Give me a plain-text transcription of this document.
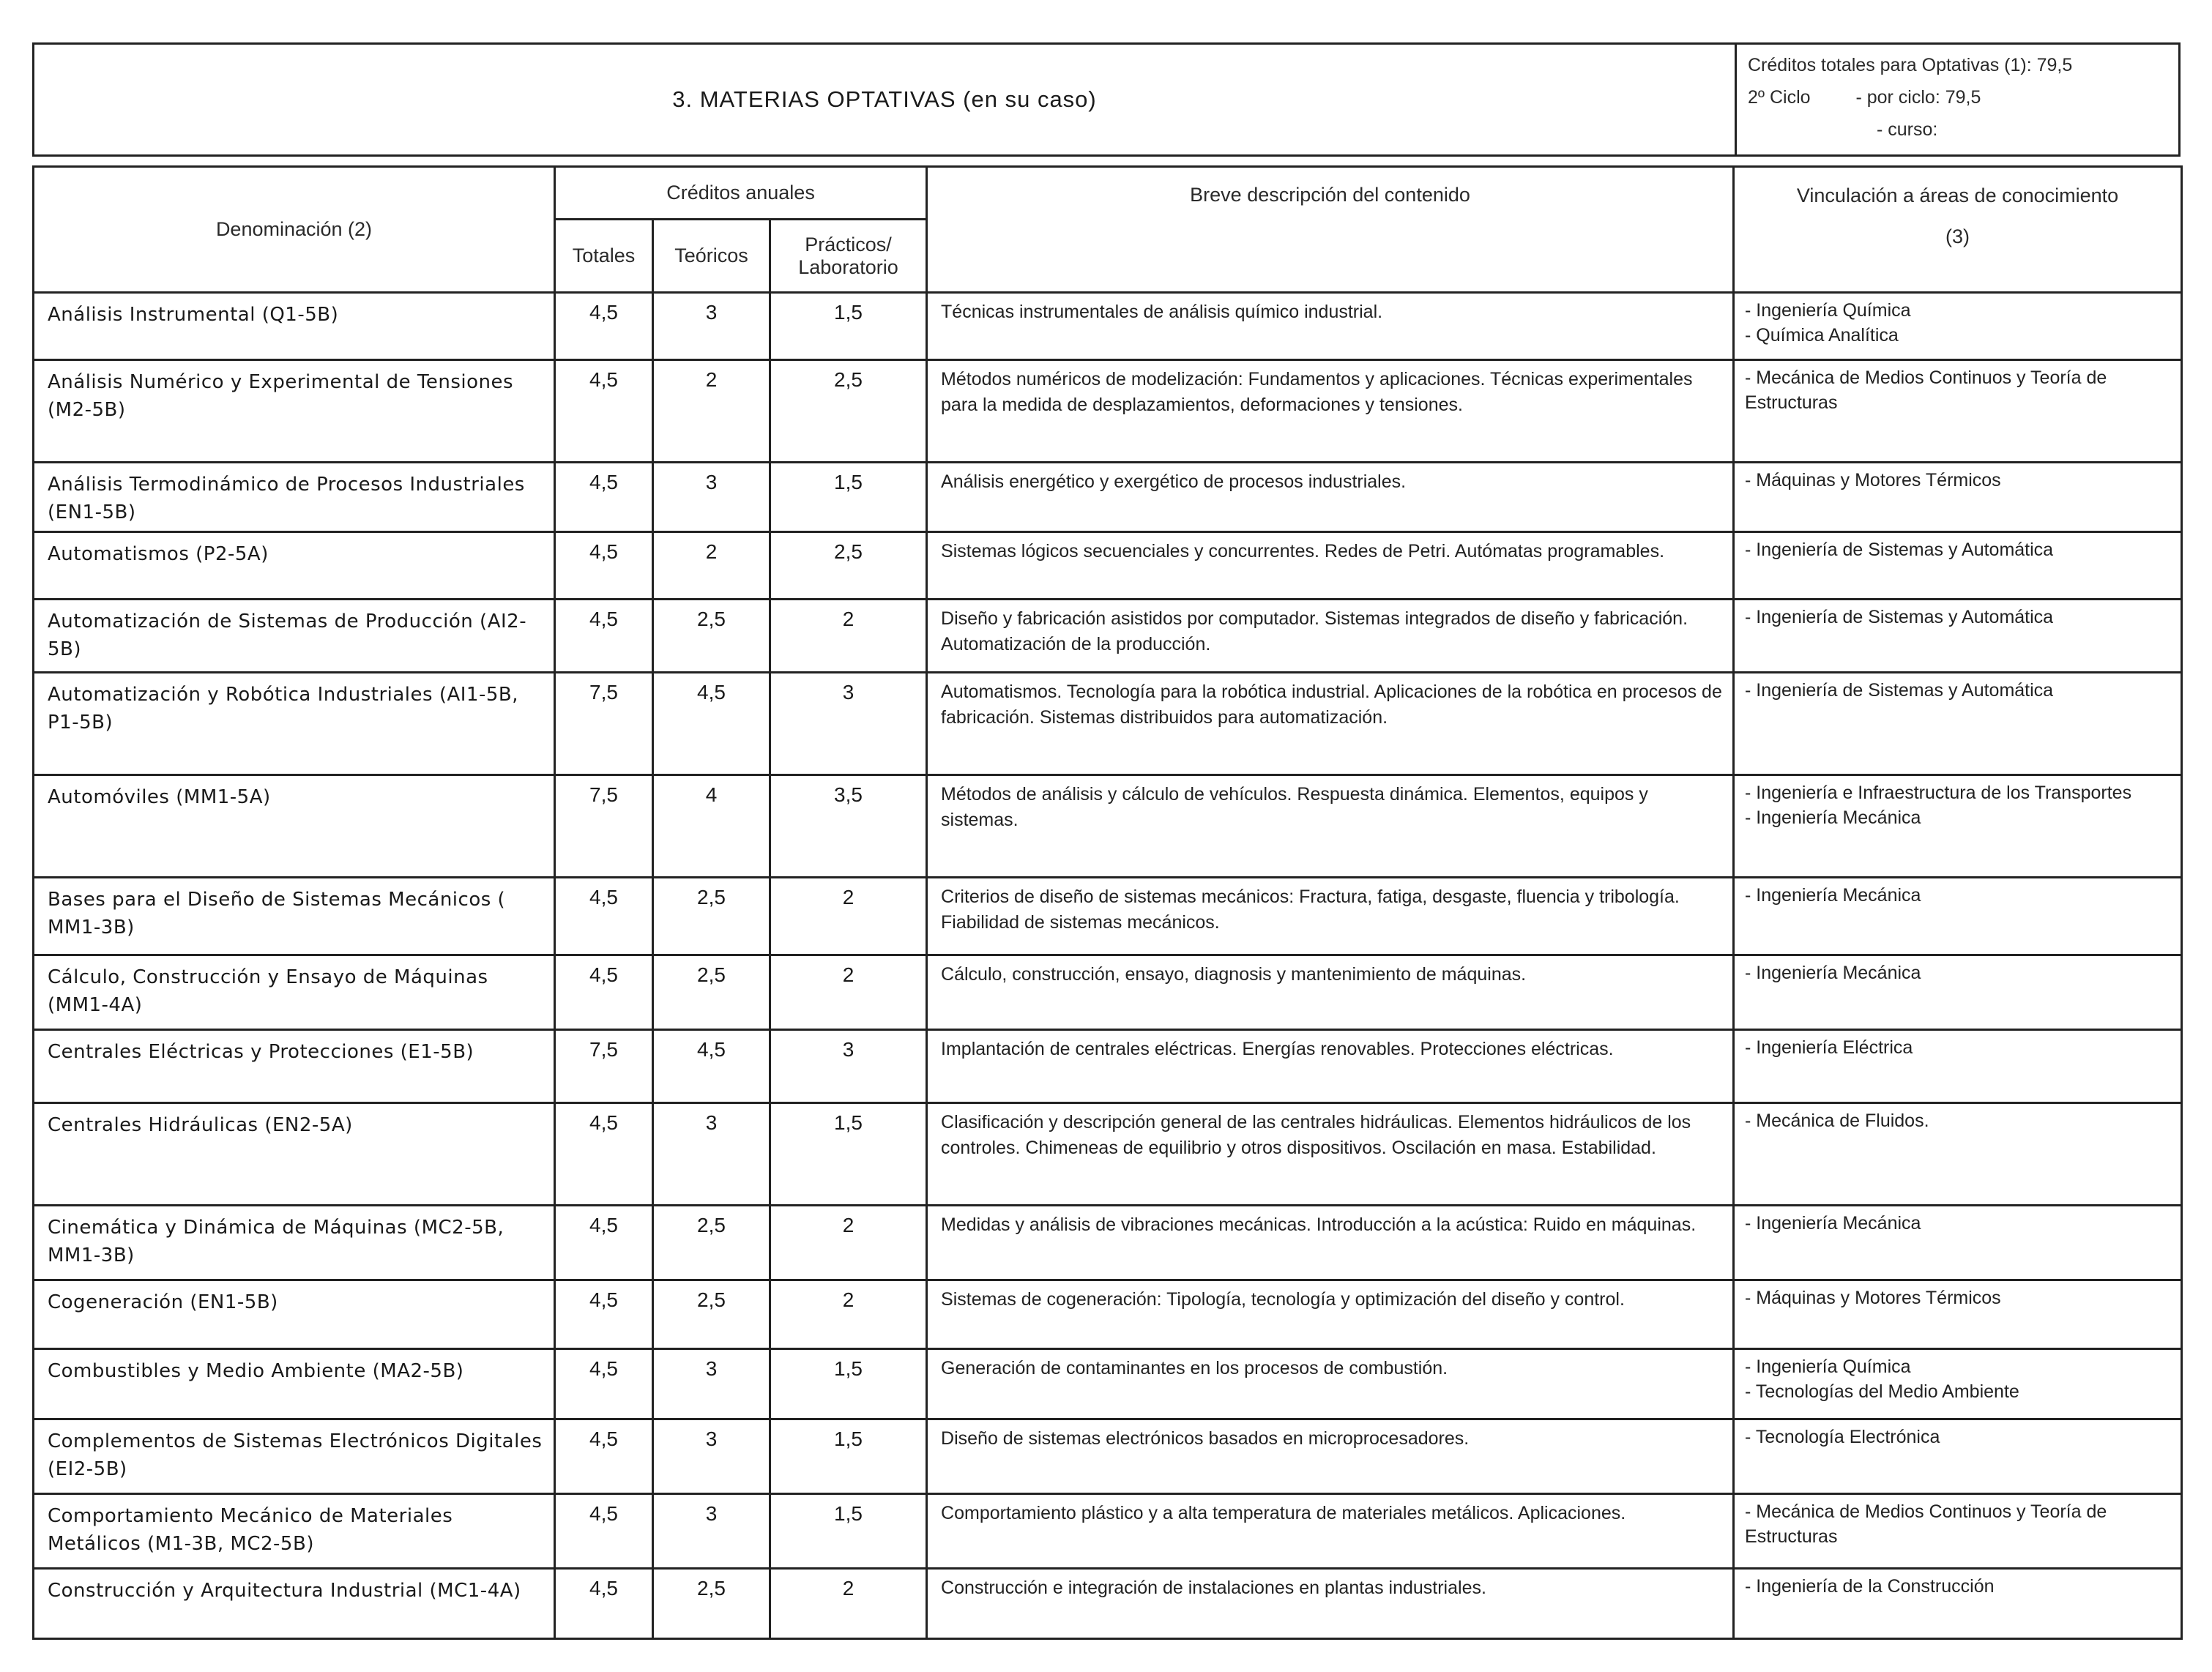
3. MATERIAS OPTATIVAS (en su caso)
Créditos totales para Optativas (1): 79,5
2º Ciclo - por ciclo: 79,5
- curso:
Denominación (2)	Créditos anuales			Breve descripción del contenido	Vinculación a áreas de conocimiento
(3)

	Totales	Teóricos	Prácticos/ Laboratorio		
Análisis Instrumental (Q1-5B)	4,5	3	1,5	Técnicas instrumentales de análisis químico industrial.	- Ingeniería Química
- Química Analítica

Análisis Numérico y Experimental de Tensiones (M2-5B)	4,5	2	2,5	Métodos numéricos de modelización: Fundamentos y aplicaciones. Técnicas experimentales para la medida de desplazamientos, deformaciones y tensiones.	- Mecánica de Medios Continuos y Teoría de Estructuras

Análisis Termodinámico de Procesos Industriales (EN1-5B)	4,5	3	1,5	Análisis energético y exergético de procesos industriales.	- Máquinas y Motores Térmicos

Automatismos (P2-5A)	4,5	2	2,5	Sistemas lógicos secuenciales y concurrentes. Redes de Petri. Autómatas programables.	- Ingeniería de Sistemas y Automática

Automatización de Sistemas de Producción (AI2-5B)	4,5	2,5	2	Diseño y fabricación asistidos por computador. Sistemas integrados de diseño y fabricación. Automatización de la producción.	- Ingeniería de Sistemas y Automática

Automatización y Robótica Industriales (AI1-5B, P1-5B)	7,5	4,5	3	Automatismos. Tecnología para la robótica industrial. Aplicaciones de la robótica en procesos de fabricación. Sistemas distribuidos para automatización.	- Ingeniería de Sistemas y Automática

Automóviles (MM1-5A)	7,5	4	3,5	Métodos de análisis y cálculo de vehículos. Respuesta dinámica. Elementos, equipos y sistemas.	- Ingeniería e Infraestructura de los Transportes
- Ingeniería Mecánica

Bases para el Diseño de Sistemas Mecánicos ( MM1-3B)	4,5	2,5	2	Criterios de diseño de sistemas mecánicos: Fractura, fatiga, desgaste, fluencia y tribología. Fiabilidad de sistemas mecánicos.	- Ingeniería Mecánica

Cálculo, Construcción y Ensayo de Máquinas (MM1-4A)	4,5	2,5	2	Cálculo, construcción, ensayo, diagnosis y mantenimiento de máquinas.	- Ingeniería Mecánica

Centrales Eléctricas y Protecciones (E1-5B)	7,5	4,5	3	Implantación de centrales eléctricas. Energías renovables. Protecciones eléctricas.	- Ingeniería Eléctrica

Centrales Hidráulicas (EN2-5A)	4,5	3	1,5	Clasificación y descripción general de las centrales hidráulicas. Elementos hidráulicos de los controles. Chimeneas de equilibrio y otros dispositivos. Oscilación en masa. Estabilidad.	- Mecánica de Fluidos.

Cinemática y Dinámica de Máquinas (MC2-5B, MM1-3B)	4,5	2,5	2	Medidas y análisis de vibraciones mecánicas. Introducción a la acústica: Ruido en máquinas.	- Ingeniería Mecánica

Cogeneración (EN1-5B)	4,5	2,5	2	Sistemas de cogeneración: Tipología, tecnología y optimización del diseño y control.	- Máquinas y Motores Térmicos

Combustibles y Medio Ambiente (MA2-5B)	4,5	3	1,5	Generación de contaminantes en los procesos de combustión.	- Ingeniería Química
- Tecnologías del Medio Ambiente

Complementos de Sistemas Electrónicos Digitales (EI2-5B)	4,5	3	1,5	Diseño de sistemas electrónicos basados en microprocesadores.	- Tecnología Electrónica

Comportamiento Mecánico de Materiales Metálicos (M1-3B, MC2-5B)	4,5	3	1,5	Comportamiento plástico y a alta temperatura de materiales metálicos. Aplicaciones.	- Mecánica de Medios Continuos y Teoría de Estructuras

Construcción y Arquitectura Industrial (MC1-4A)	4,5	2,5	2	Construcción e integración de instalaciones en plantas industriales.	- Ingeniería de la Construcción
